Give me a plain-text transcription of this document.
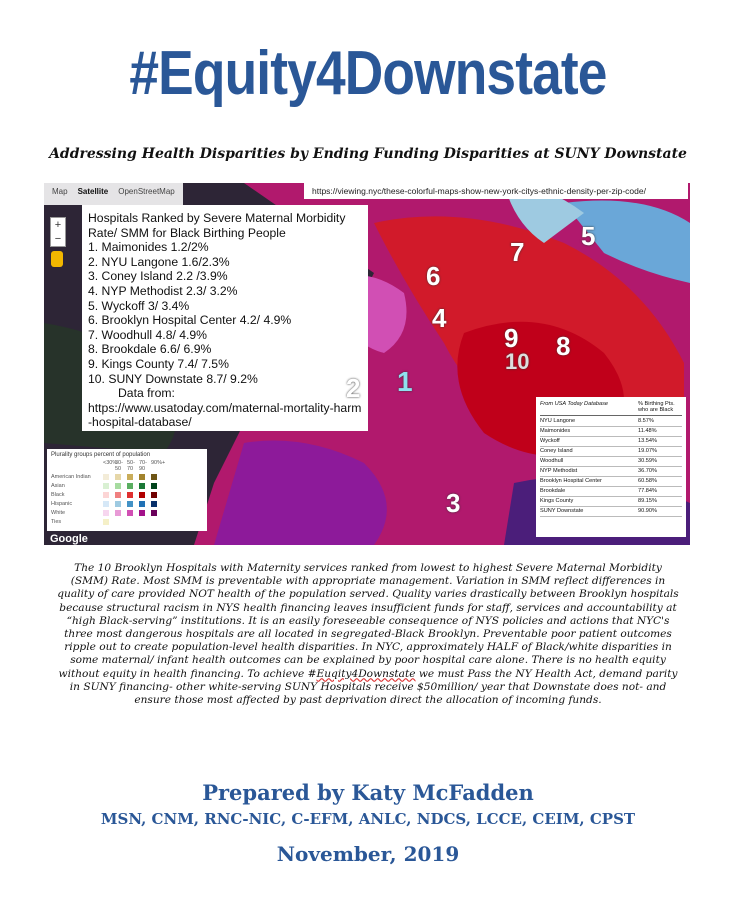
#Equity4Downstate
Addressing Health Disparities by Ending Funding Disparities at SUNY Downstate
Map Satellite OpenStreetMap
+
−
https://viewing.nyc/these-colorful-maps-show-new-york-citys-ethnic-density-per-zip-code/
Hospitals Ranked by Severe Maternal Morbidity Rate/ SMM for Black Birthing People
1. Maimonides 1.2/2%
2. NYU Langone 1.6/2.3%
3. Coney Island 2.2 /3.9%
4. NYP Methodist 2.3/ 3.2%
5. Wyckoff 3/ 3.4%
6. Brooklyn Hospital Center 4.2/ 4.9%
7. Woodhull 4.8/ 4.9%
8. Brookdale 6.6/ 6.9%
9. Kings County 7.4/ 7.5%
10. SUNY Downstate 8.7/ 9.2%
Data from:
https://www.usatoday.com/maternal-mortality-harm-hospital-database/
2 1
3
4
5
6
7
8
9
10
Plurality groups percent of population
<30%
30-50
50-70
70-90
90%+
American Indian
Asian
Black
Hispanic
White
Ties
Google
From USA Today Database	% Birthing Pts. who are Black
NYU Langone	8.57%
Maimonides	11.48%
Wyckoff	13.54%
Coney Island	19.07%
Woodhull	30.59%
NYP Methodist	36.70%
Brooklyn Hospital Center	60.58%
Brookdale	77.84%
Kings County	89.15%
SUNY Downstate	90.90%
The 10 Brooklyn Hospitals with Maternity services ranked from lowest to highest Severe Maternal Morbidity (SMM) Rate. Most SMM is preventable with appropriate management. Variation in SMM reflect differences in quality of care provided NOT health of the population served. Quality varies drastically between Brooklyn hospitals because structural racism in NYS health financing leaves insufficient funds for staff, services and accountability at “high Black-serving” institutions. It is an easily foreseeable consequence of NYS policies and actions that NYC's three most dangerous hospitals are all located in segregated-Black Brooklyn. Preventable poor patient outcomes ripple out to create population-level health disparities. In NYC, approximately HALF of Black/white disparities in some maternal/ infant health outcomes can be explained by poor hospital care alone. There is no health equity without equity in health financing. To achieve #Euqity4Downstate we must Pass the NY Health Act, demand parity in SUNY financing- other white-serving SUNY Hospitals receive $50million/ year that Downstate does not- and ensure those most affected by past deprivation direct the allocation of incoming funds.
Prepared by Katy McFadden
MSN, CNM, RNC-NIC, C-EFM, ANLC, NDCS, LCCE, CEIM, CPST
November, 2019
